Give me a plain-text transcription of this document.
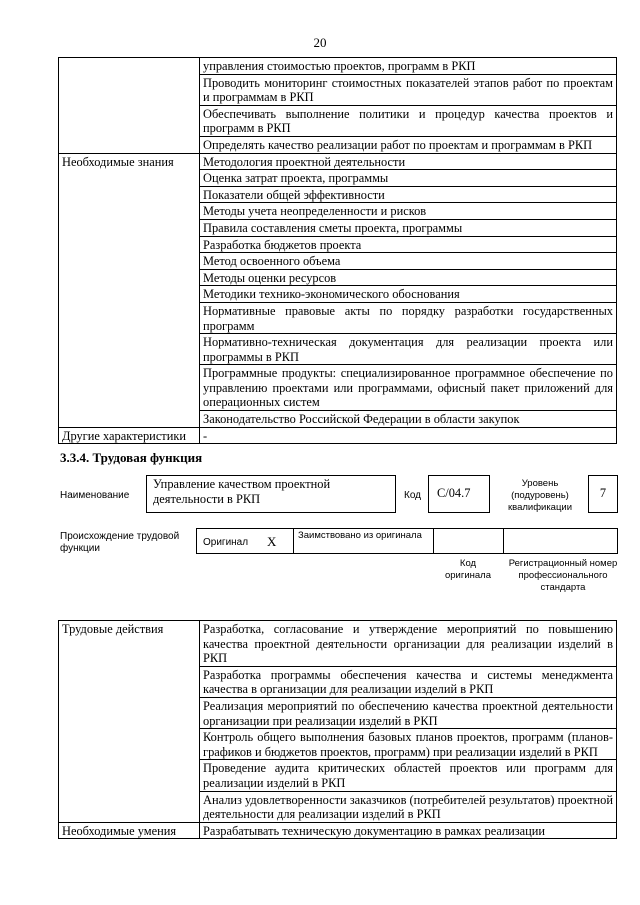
20
	управления стоимостью проектов, программ в РКП
	Проводить мониторинг стоимостных показателей этапов работ по проектам и программам в РКП
	Обеспечивать выполнение политики и процедур качества проектов и программ в РКП
	Определять качество реализации работ по проектам и программам в РКП
Необходимые знания	Методология проектной деятельности
	Оценка затрат проекта, программы
	Показатели общей эффективности
	Методы учета неопределенности и рисков
	Правила составления сметы проекта, программы
	Разработка бюджетов проекта
	Метод освоенного объема
	Методы оценки ресурсов
	Методики технико-экономического обоснования
	Нормативные правовые акты по порядку разработки государственных программ
	Нормативно-техническая документация для реализации проекта или программы в РКП
	Программные продукты: специализированное программное обеспечение по управлению проектами или программами, офисный пакет приложений для операционных систем
	Законодательство Российской Федерации в области закупок
Другие характеристики	-
3.3.4. Трудовая функция
Наименование
Управление качеством проектной деятельности в РКП	Код	С/04.7
Уровень (подуровень) квалификации
7
Происхождение трудовой функции
Оригинал X Заимствовано из оригинала
Код оригинала
Регистрационный номер профессионального стандарта
Трудовые действия	Разработка, согласование и утверждение мероприятий по повышению качества проектной деятельности организации для реализации изделий в РКП
	Разработка программы обеспечения качества и системы менеджмента качества в организации для реализации изделий в РКП
	Реализация мероприятий по обеспечению качества проектной деятельности организации при реализации изделий в РКП
	Контроль общего выполнения базовых планов проектов, программ (планов-графиков и бюджетов проектов, программ) при реализации изделий в РКП
	Проведение аудита критических областей проектов или программ для реализации изделий в РКП
	Анализ удовлетворенности заказчиков (потребителей результатов) проектной деятельности для реализации изделий в РКП
Необходимые умения	Разрабатывать техническую документацию в рамках реализации
